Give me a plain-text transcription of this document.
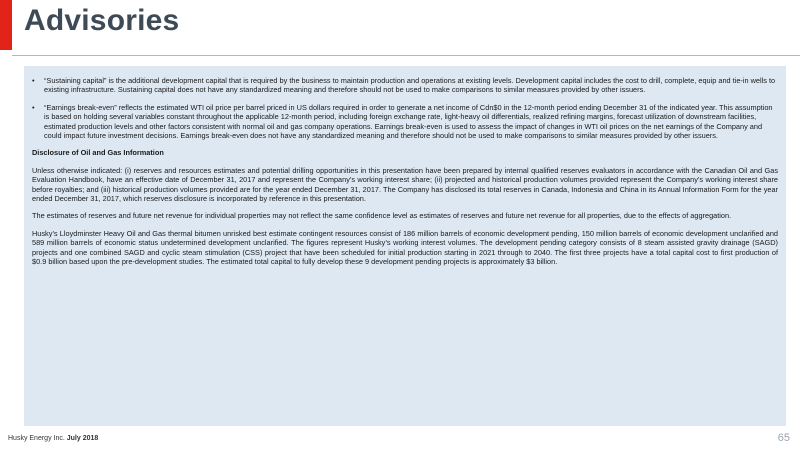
Advisories

• “Sustaining capital” is the additional development capital that is required by the business to maintain production and operations at existing levels. Development capital includes the cost to drill, complete, equip and tie-in wells to existing infrastructure. Sustaining capital does not have any standardized meaning and therefore should not be used to make comparisons to similar measures provided by other issuers.

• “Earnings break-even” reflects the estimated WTI oil price per barrel priced in US dollars required in order to generate a net income of Cdn$0 in the 12-month period ending December 31 of the indicated year. This assumption is based on holding several variables constant throughout the applicable 12-month period, including foreign exchange rate, light-heavy oil differentials, realized refining margins, forecast utilization of downstream facilities, estimated production levels and other factors consistent with normal oil and gas company operations. Earnings break-even is used to assess the impact of changes in WTI oil prices on the net earnings of the Company and could impact future investment decisions. Earnings break-even does not have any standardized meaning and therefore should not be used to make comparisons to similar measures provided by other issuers.

Disclosure of Oil and Gas Information

Unless otherwise indicated: (i) reserves and resources estimates and potential drilling opportunities in this presentation have been prepared by internal qualified reserves evaluators in accordance with the Canadian Oil and Gas Evaluation Handbook, have an effective date of December 31, 2017 and represent the Company’s working interest share; (ii) projected and historical production volumes provided represent the Company’s working interest share before royalties; and (iii) historical production volumes provided are for the year ended December 31, 2017. The Company has disclosed its total reserves in Canada, Indonesia and China in its Annual Information Form for the year ended December 31, 2017, which reserves disclosure is incorporated by reference in this presentation.

The estimates of reserves and future net revenue for individual properties may not reflect the same confidence level as estimates of reserves and future net revenue for all properties, due to the effects of aggregation.

Husky’s Lloydminster Heavy Oil and Gas thermal bitumen unrisked best estimate contingent resources consist of 186 million barrels of economic development pending, 150 million barrels of economic development unclarified and 589 million barrels of economic status undetermined development unclarified. The figures represent Husky’s working interest volumes. The development pending category consists of 8 steam assisted gravity drainage (SAGD) projects and one combined SAGD and cyclic steam stimulation (CSS) project that have been scheduled for initial production starting in 2021 through to 2040. The first three projects have a total capital cost to first production of $0.9 billion based upon the pre-development studies. The estimated total capital to fully develop these 9 development pending projects is approximately $3 billion.

Husky Energy Inc. July 2018	65
